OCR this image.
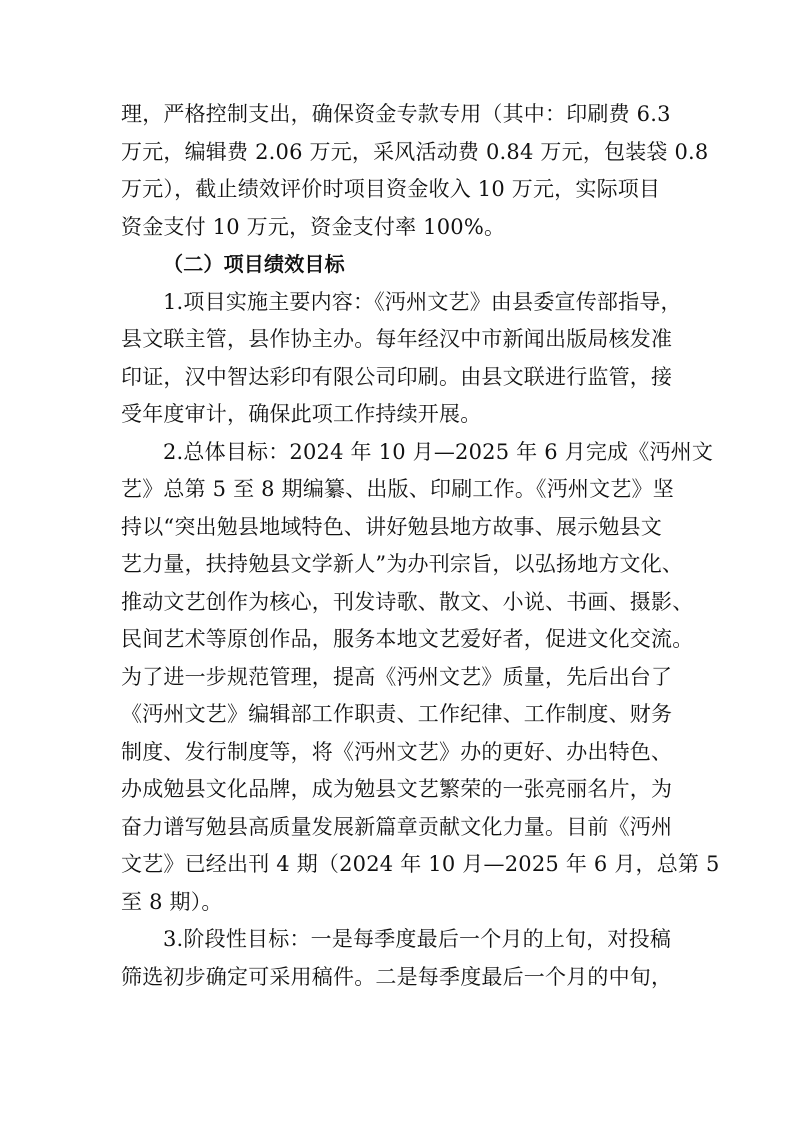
理，严格控制支出，确保资金专款专用（其中：印刷费 6.3
万元，编辑费 2.06 万元，采风活动费 0.84 万元，包装袋 0.8
万元），截止绩效评价时项目资金收入 10 万元，实际项目
资金支付 10 万元，资金支付率 100%。
（二）项目绩效目标
1.项目实施主要内容：《沔州文艺》由县委宣传部指导，
县文联主管，县作协主办。每年经汉中市新闻出版局核发准
印证，汉中智达彩印有限公司印刷。由县文联进行监管，接
受年度审计，确保此项工作持续开展。
2.总体目标：2024 年 10 月—2025 年 6 月完成《沔州文
艺》总第 5 至 8 期编纂、出版、印刷工作。《沔州文艺》坚
持以“突出勉县地域特色、讲好勉县地方故事、展示勉县文
艺力量，扶持勉县文学新人”为办刊宗旨，以弘扬地方文化、
推动文艺创作为核心，刊发诗歌、散文、小说、书画、摄影、
民间艺术等原创作品，服务本地文艺爱好者，促进文化交流。
为了进一步规范管理，提高《沔州文艺》质量，先后出台了
《沔州文艺》编辑部工作职责、工作纪律、工作制度、财务
制度、发行制度等，将《沔州文艺》办的更好、办出特色、
办成勉县文化品牌，成为勉县文艺繁荣的一张亮丽名片，为
奋力谱写勉县高质量发展新篇章贡献文化力量。目前《沔州
文艺》已经出刊 4 期（2024 年 10 月—2025 年 6 月，总第 5
至 8 期）。
3.阶段性目标：一是每季度最后一个月的上旬，对投稿
筛选初步确定可采用稿件。二是每季度最后一个月的中旬，
